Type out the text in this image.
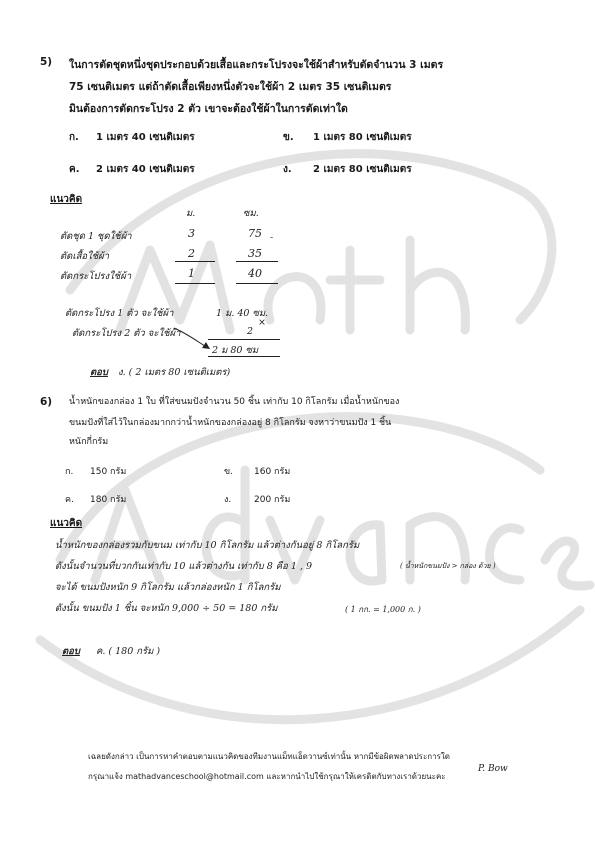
5) ในการตัดชุดหนึ่งชุดประกอบด้วยเสื้อและกระโปรงจะใช้ผ้าสำหรับตัดจำนวน 3 เมตร
75 เซนติเมตร แต่ถ้าตัดเสื้อเพียงหนึ่งตัวจะใช้ผ้า 2 เมตร 35 เซนติเมตร
มินต้องการตัดกระโปรง 2 ตัว เขาจะต้องใช้ผ้าในการตัดเท่าใด
ก. 1 เมตร 40 เซนติเมตร	ข. 1 เมตร 80 เซนติเมตร
ค. 2 เมตร 40 เซนติเมตร	ง. 2 เมตร 80 เซนติเมตร
แนวคิด
ม.	ซม.
ตัดชุด 1 ชุดใช้ผ้า	3	75 -
ตัดเสื้อใช้ผ้า	2	35
ตัดกระโปรงใช้ผ้า	1	40
ตัดกระโปรง 1 ตัว จะใช้ผ้า	1 ม. 40 ซม.
×
ตัดกระโปรง 2 ตัว จะใช้ผ้า	2
2 ม 80 ซม
ตอบ ง. ( 2 เมตร 80 เซนติเมตร)
6) น้ำหนักของกล่อง 1 ใบ ที่ใส่ขนมปังจำนวน 50 ชิ้น เท่ากับ 10 กิโลกรัม เมื่อน้ำหนักของ
ขนมปังที่ใส่ไว้ในกล่องมากกว่าน้ำหนักของกล่องอยู่ 8 กิโลกรัม จงหาว่าขนมปัง 1 ชิ้น
หนักกี่กรัม
ก. 150 กรัม	ข. 160 กรัม
ค. 180 กรัม	ง.	200 กรัม
แนวคิด
น้ำหนักของกล่องรวมกับขนม เท่ากับ 10 กิโลกรัม แล้วต่างกันอยู่ 8 กิโลกรัม
ดังนั้นจำนวนที่บวกกันเท่ากับ 10 แล้วต่างกัน เท่ากับ 8 คือ 1 , 9	( น้ำหนักขนมปัง > กล่อง ด้วย )
จะได้ ขนมปังหนัก 9 กิโลกรัม แล้วกล่องหนัก 1 กิโลกรัม
ดังนั้น ขนมปัง 1 ชิ้น จะหนัก 9,000 ÷ 50 = 180 กรัม	( 1 กก. = 1,000 ก. )
ตอบ ค. ( 180 กรัม )
เฉลยดังกล่าว เป็นการหาคำตอบตามแนวคิดของทีมงานแม็ทแอ็ดวานซ์เท่านั้น หากมีข้อผิดพลาดประการใด
กรุณาแจ้ง mathadvanceschool@hotmail.com และหากนำไปใช้กรุณาให้เครดิตกับทางเราด้วยนะคะ
P. Bow
